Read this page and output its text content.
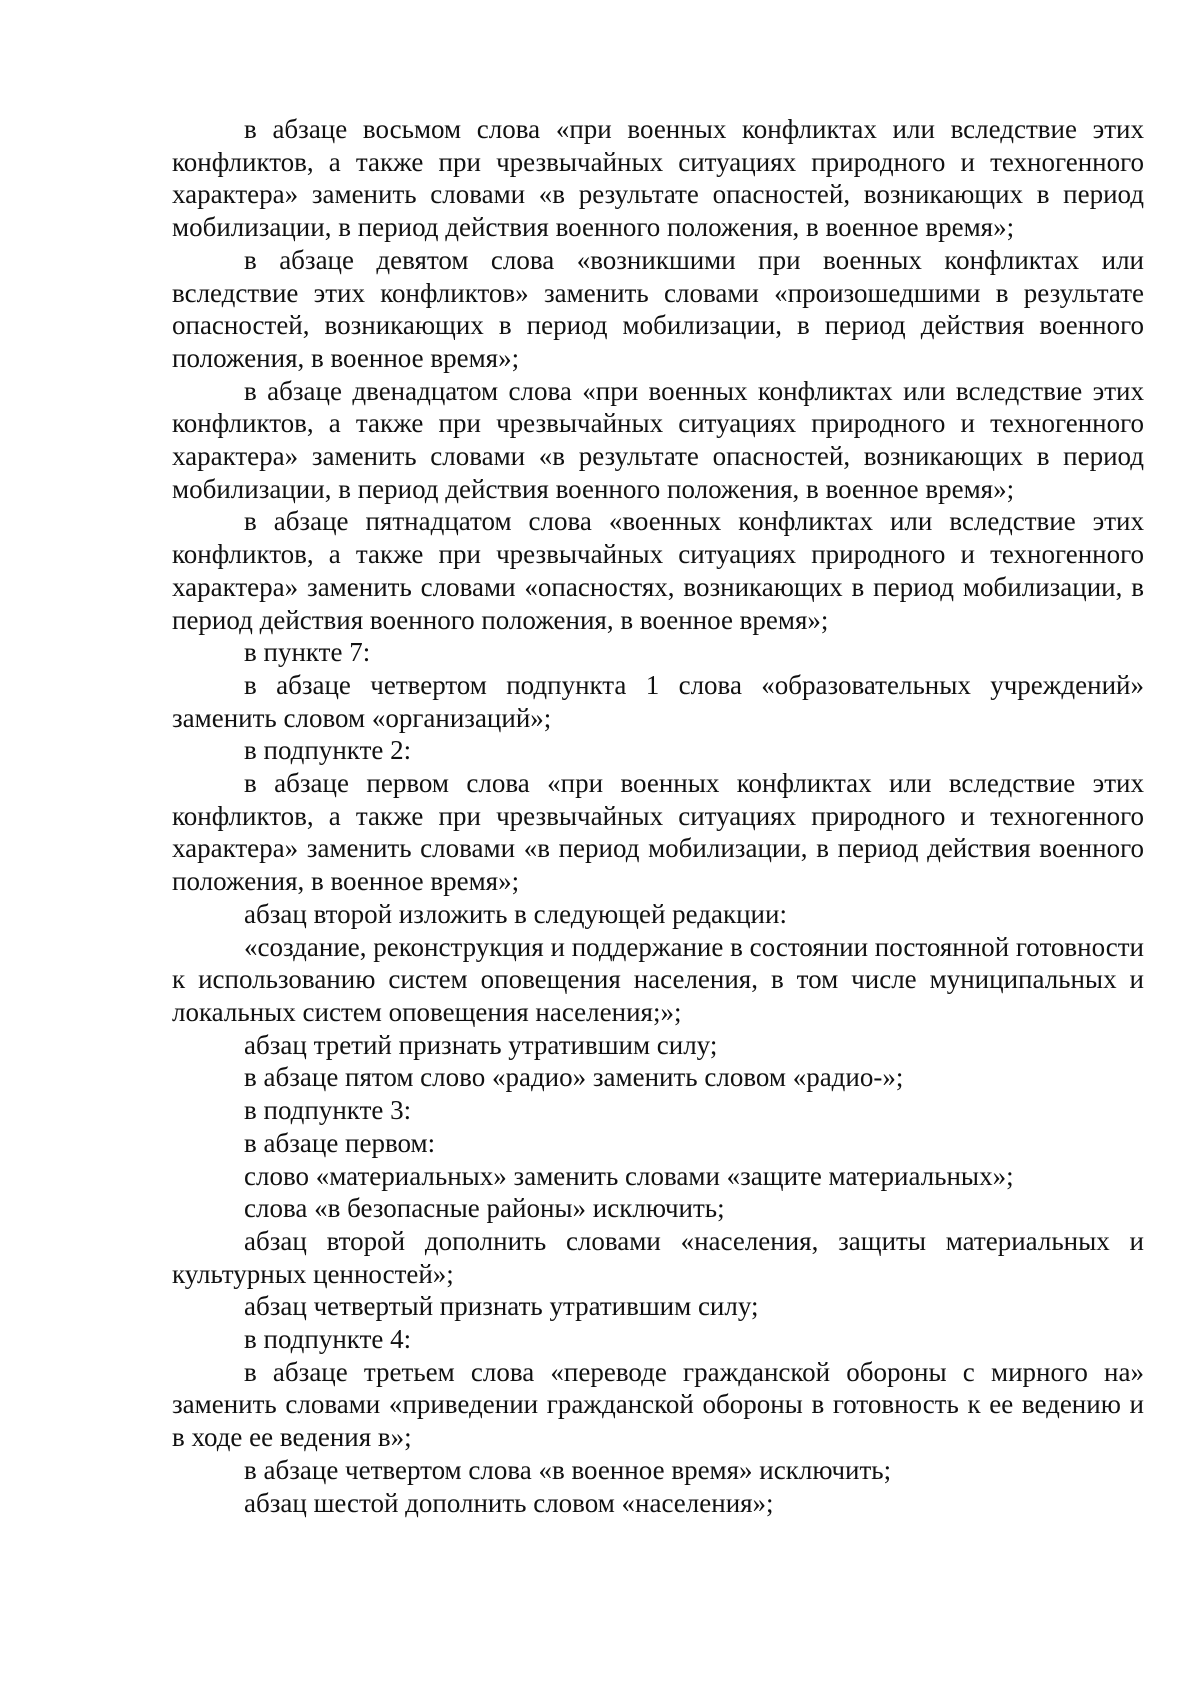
в абзаце восьмом слова «при военных конфликтах или вследствие этих конфликтов, а также при чрезвычайных ситуациях природного и техногенного характера» заменить словами «в результате опасностей, возникающих в период мобилизации, в период действия военного положения, в военное время»;

в абзаце девятом слова «возникшими при военных конфликтах или вследствие этих конфликтов» заменить словами «произошедшими в результате опасностей, возникающих в период мобилизации, в период действия военного положения, в военное время»;

в абзаце двенадцатом слова «при военных конфликтах или вследствие этих конфликтов, а также при чрезвычайных ситуациях природного и техногенного характера» заменить словами «в результате опасностей, возникающих в период мобилизации, в период действия военного положения, в военное время»;

в абзаце пятнадцатом слова «военных конфликтах или вследствие этих конфликтов, а также при чрезвычайных ситуациях природного и техногенного характера» заменить словами «опасностях, возникающих в период мобилизации, в период действия военного положения, в военное время»;

в пункте 7:

в абзаце четвертом подпункта 1 слова «образовательных учреждений» заменить словом «организаций»;

в подпункте 2:

в абзаце первом слова «при военных конфликтах или вследствие этих конфликтов, а также при чрезвычайных ситуациях природного и техногенного характера» заменить словами «в период мобилизации, в период действия военного положения, в военное время»;

абзац второй изложить в следующей редакции:

«создание, реконструкция и поддержание в состоянии постоянной готовности к использованию систем оповещения населения, в том числе муниципальных и локальных систем оповещения населения;»;

абзац третий признать утратившим силу;

в абзаце пятом слово «радио» заменить словом «радио-»;

в подпункте 3:

в абзаце первом:

слово «материальных» заменить словами «защите материальных»;

слова «в безопасные районы» исключить;

абзац второй дополнить словами «населения, защиты материальных и культурных ценностей»;

абзац четвертый признать утратившим силу;

в подпункте 4:

в абзаце третьем слова «переводе гражданской обороны с мирного на» заменить словами «приведении гражданской обороны в готовность к ее ведению и в ходе ее ведения в»;

в абзаце четвертом слова «в военное время» исключить;

абзац шестой дополнить словом «населения»;
